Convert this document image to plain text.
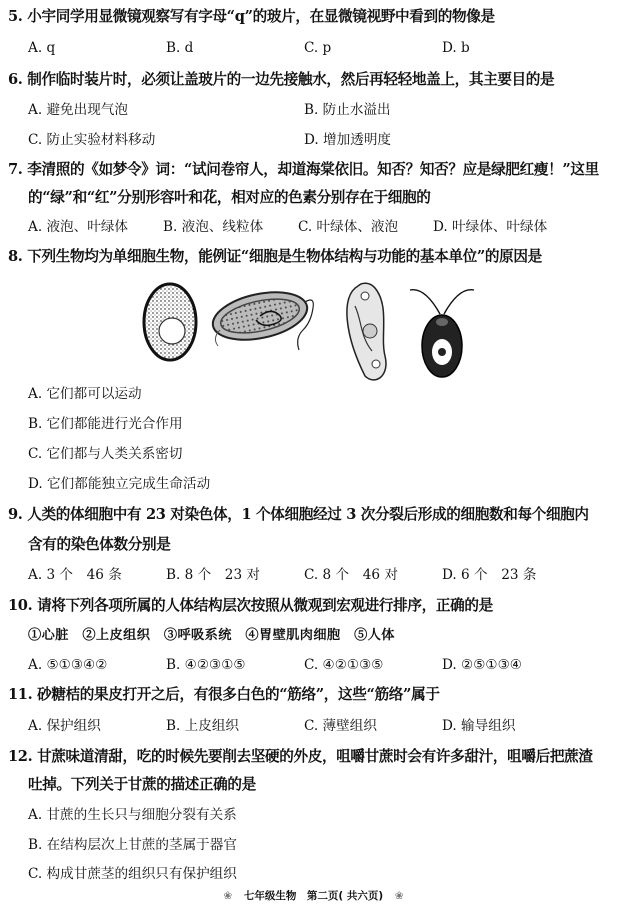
5. 小宇同学用显微镜观察写有字母“q”的玻片，在显微镜视野中看到的物像是
A. q	B. d	C. p	D. b
6. 制作临时装片时，必须让盖玻片的一边先接触水，然后再轻轻地盖上，其主要目的是
A. 避免出现气泡	B. 防止水溢出
C. 防止实验材料移动	D. 增加透明度
7. 李清照的《如梦令》词：“试问卷帘人，却道海棠依旧。知否？知否？应是绿肥红瘦！”这里
的“绿”和“红”分别形容叶和花，相对应的色素分别存在于细胞的
A. 液泡、叶绿体	B. 液泡、线粒体	C. 叶绿体、液泡	D. 叶绿体、叶绿体
8. 下列生物均为单细胞生物，能例证“细胞是生物体结构与功能的基本单位”的原因是
A. 它们都可以运动
B. 它们都能进行光合作用
C. 它们都与人类关系密切
D. 它们都能独立完成生命活动
9. 人类的体细胞中有 23 对染色体，1 个体细胞经过 3 次分裂后形成的细胞数和每个细胞内
含有的染色体数分别是
A. 3 个　46 条	B. 8 个　23 对	C. 8 个　46 对	D. 6 个　23 条
10. 请将下列各项所属的人体结构层次按照从微观到宏观进行排序，正确的是
①心脏　②上皮组织　③呼吸系统　④胃壁肌肉细胞　⑤人体
A. ⑤①③④②	B. ④②③①⑤	C. ④②①③⑤	D. ②⑤①③④
11. 砂糖桔的果皮打开之后，有很多白色的“筋络”，这些“筋络”属于
A. 保护组织	B. 上皮组织	C. 薄壁组织	D. 输导组织
12. 甘蔗味道清甜，吃的时候先要削去坚硬的外皮，咀嚼甘蔗时会有许多甜汁，咀嚼后把蔗渣
吐掉。下列关于甘蔗的描述正确的是
A. 甘蔗的生长只与细胞分裂有关系
B. 在结构层次上甘蔗的茎属于器官
C. 构成甘蔗茎的组织只有保护组织
❀ 七年级生物　第二页( 共六页) ❀
